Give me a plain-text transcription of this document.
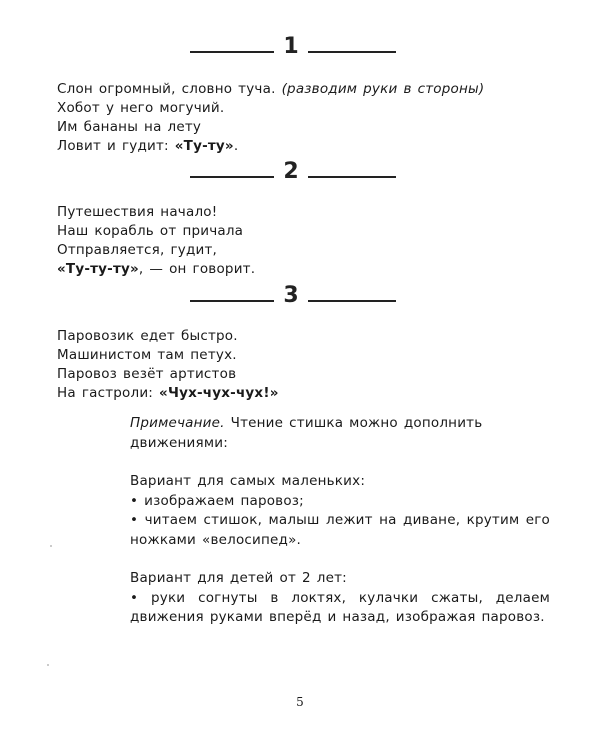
1
Слон огромный, словно туча. (разводим руки в стороны)
Хобот у него могучий.
Им бананы на лету
Ловит и гудит: «Ту-ту».
2
Путешествия начало!
Наш корабль от причала
Отправляется, гудит,
«Ту-ту-ту», — он говорит.
3
Паровозик едет быстро.
Машинистом там петух.
Паровоз везёт артистов
На гастроли: «Чух-чух-чух!»

Примечание. Чтение стишка можно дополнить движениями:

Вариант для самых маленьких:

• изображаем паровоз;

• читаем стишок, малыш лежит на диване, крутим его ножками «велосипед».

Вариант для детей от 2 лет:

• руки согнуты в локтях, кулачки сжаты, делаем движения руками вперёд и назад, изображая паровоз.

5
